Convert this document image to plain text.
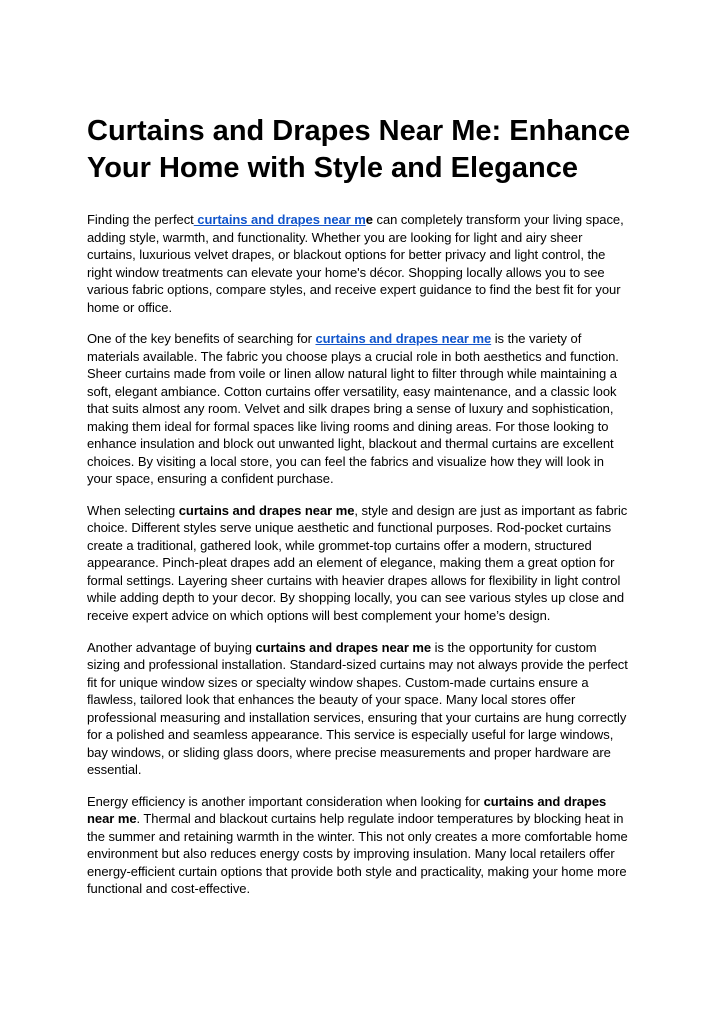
Curtains and Drapes Near Me: Enhance Your Home with Style and Elegance

Finding the perfect curtains and drapes near me can completely transform your living space, adding style, warmth, and functionality. Whether you are looking for light and airy sheer curtains, luxurious velvet drapes, or blackout options for better privacy and light control, the right window treatments can elevate your home's décor. Shopping locally allows you to see various fabric options, compare styles, and receive expert guidance to find the best fit for your home or office.

One of the key benefits of searching for curtains and drapes near me is the variety of materials available. The fabric you choose plays a crucial role in both aesthetics and function. Sheer curtains made from voile or linen allow natural light to filter through while maintaining a soft, elegant ambiance. Cotton curtains offer versatility, easy maintenance, and a classic look that suits almost any room. Velvet and silk drapes bring a sense of luxury and sophistication, making them ideal for formal spaces like living rooms and dining areas. For those looking to enhance insulation and block out unwanted light, blackout and thermal curtains are excellent choices. By visiting a local store, you can feel the fabrics and visualize how they will look in your space, ensuring a confident purchase.

When selecting curtains and drapes near me, style and design are just as important as fabric choice. Different styles serve unique aesthetic and functional purposes. Rod-pocket curtains create a traditional, gathered look, while grommet-top curtains offer a modern, structured appearance. Pinch-pleat drapes add an element of elegance, making them a great option for formal settings. Layering sheer curtains with heavier drapes allows for flexibility in light control while adding depth to your decor. By shopping locally, you can see various styles up close and receive expert advice on which options will best complement your home’s design.

Another advantage of buying curtains and drapes near me is the opportunity for custom sizing and professional installation. Standard-sized curtains may not always provide the perfect fit for unique window sizes or specialty window shapes. Custom-made curtains ensure a flawless, tailored look that enhances the beauty of your space. Many local stores offer professional measuring and installation services, ensuring that your curtains are hung correctly for a polished and seamless appearance. This service is especially useful for large windows, bay windows, or sliding glass doors, where precise measurements and proper hardware are essential.

Energy efficiency is another important consideration when looking for curtains and drapes near me. Thermal and blackout curtains help regulate indoor temperatures by blocking heat in the summer and retaining warmth in the winter. This not only creates a more comfortable home environment but also reduces energy costs by improving insulation. Many local retailers offer energy-efficient curtain options that provide both style and practicality, making your home more functional and cost-effective.
